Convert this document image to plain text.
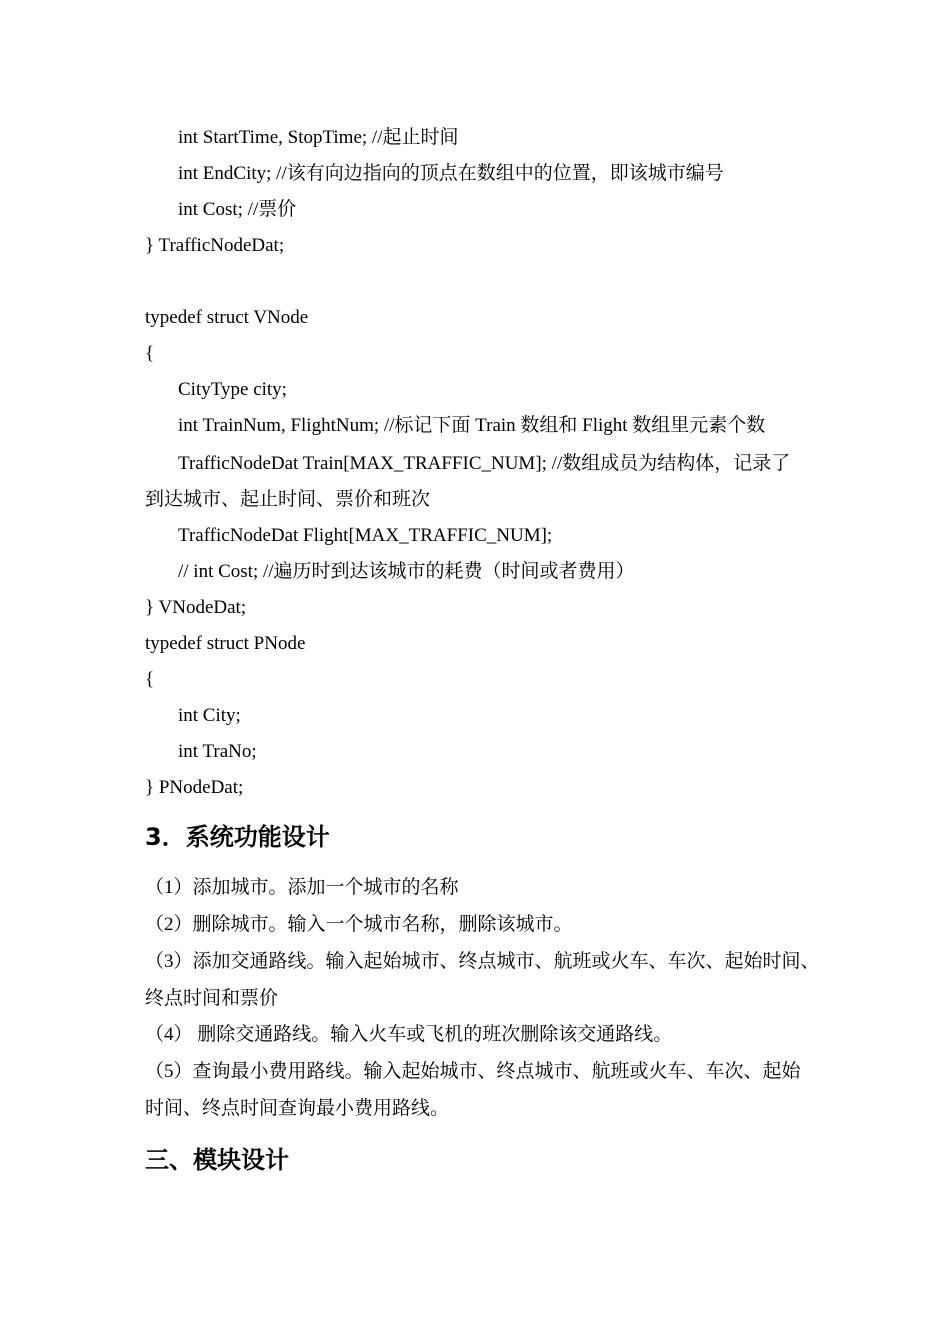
int StartTime, StopTime; //起止时间
int EndCity; //该有向边指向的顶点在数组中的位置，即该城市编号
int Cost; //票价
} TrafficNodeDat;
typedef struct VNode
{
CityType city;
int TrainNum, FlightNum; //标记下面 Train 数组和 Flight 数组里元素个数
TrafficNodeDat Train[MAX_TRAFFIC_NUM]; //数组成员为结构体，记录了
到达城市、起止时间、票价和班次
TrafficNodeDat Flight[MAX_TRAFFIC_NUM];
// int Cost; //遍历时到达该城市的耗费（时间或者费用）
} VNodeDat;
typedef struct PNode
{
int City;
int TraNo;
} PNodeDat;
3．系统功能设计
（1）添加城市。添加一个城市的名称
（2）删除城市。输入一个城市名称，删除该城市。
（3）添加交通路线。输入起始城市、终点城市、航班或火车、车次、起始时间、
终点时间和票价
（4） 删除交通路线。输入火车或飞机的班次删除该交通路线。
（5）查询最小费用路线。输入起始城市、终点城市、航班或火车、车次、起始
时间、终点时间查询最小费用路线。
三、模块设计
